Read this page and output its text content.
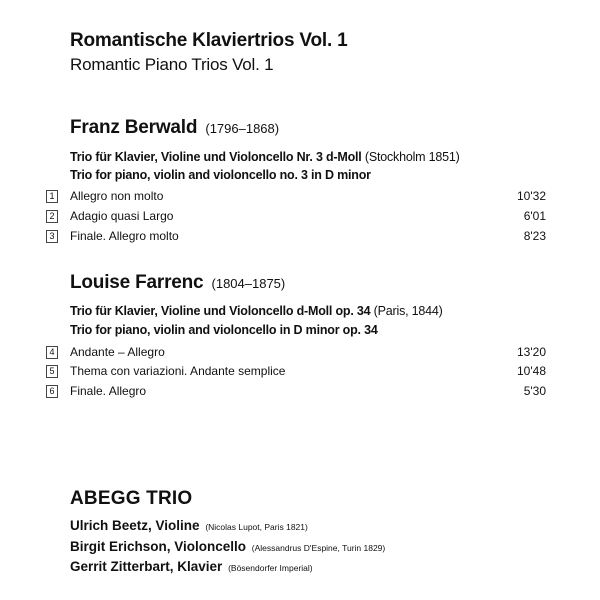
Romantische Klaviertrios Vol. 1
Romantic Piano Trios Vol. 1
Franz Berwald (1796–1868)
Trio für Klavier, Violine und Violoncello Nr. 3 d-Moll (Stockholm 1851)
Trio for piano, violin and violoncello no. 3 in D minor
1 Allegro non molto	10'32
2 Adagio quasi Largo	6'01
3 Finale. Allegro molto	8'23
Louise Farrenc (1804–1875)
Trio für Klavier, Violine und Violoncello d-Moll op. 34 (Paris, 1844)
Trio for piano, violin and violoncello in D minor op. 34
4 Andante – Allegro	13'20
5 Thema con variazioni. Andante semplice	10'48
6 Finale. Allegro	5'30
ABEGG TRIO
Ulrich Beetz, Violine (Nicolas Lupot, Paris 1821)
Birgit Erichson, Violoncello (Alessandrus D'Espine, Turin 1829)
Gerrit Zitterbart, Klavier (Bösendorfer Imperial)
